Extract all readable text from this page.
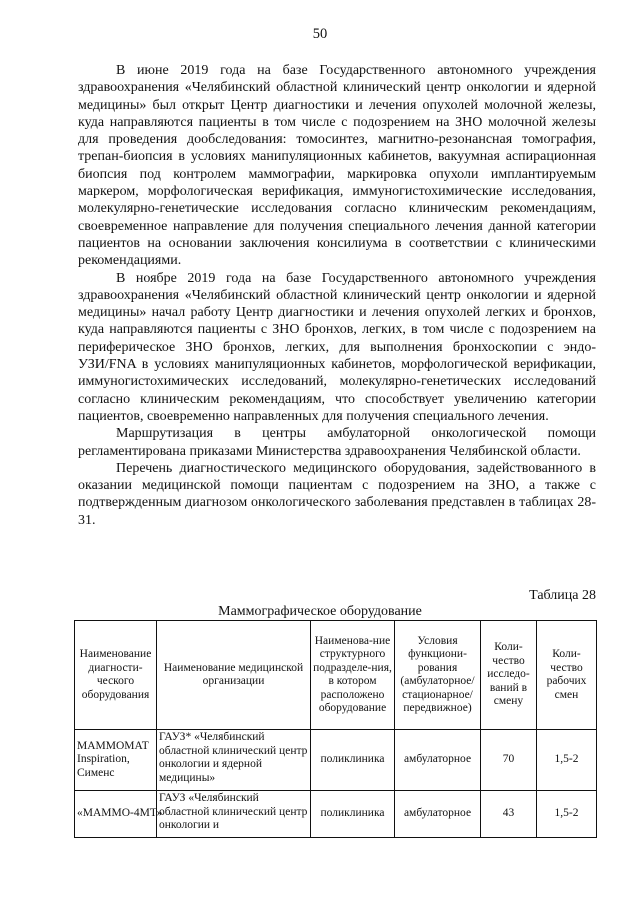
50

В июне 2019 года на базе Государственного автономного учреждения здравоохранения «Челябинский областной клинический центр онкологии и ядерной медицины» был открыт Центр диагностики и лечения опухолей молочной железы, куда направляются пациенты в том числе с подозрением на ЗНО молочной железы для проведения дообследования: томосинтез, магнитно-резонансная томография, трепан-биопсия в условиях манипуляционных кабинетов, вакуумная аспирационная биопсия под контролем маммографии, маркировка опухоли имплантируемым маркером, морфологическая верификация, иммуногистохимические исследования, молекулярно-генетические исследования согласно клиническим рекомендациям, своевременное направление для получения специального лечения данной категории пациентов на основании заключения консилиума в соответствии с клиническими рекомендациями.

В ноябре 2019 года на базе Государственного автономного учреждения здравоохранения «Челябинский областной клинический центр онкологии и ядерной медицины» начал работу Центр диагностики и лечения опухолей легких и бронхов, куда направляются пациенты с ЗНО бронхов, легких, в том числе с подозрением на периферическое ЗНО бронхов, легких, для выполнения бронхоскопии с эндо-УЗИ/FNA в условиях манипуляционных кабинетов, морфологической верификации, иммуногистохимических исследований, молекулярно-генетических исследований согласно клиническим рекомендациям, что способствует увеличению категории пациентов, своевременно направленных для получения специального лечения.

Маршрутизация в центры амбулаторной онкологической помощи регламентирована приказами Министерства здравоохранения Челябинской области.

Перечень диагностического медицинского оборудования, задействованного в оказании медицинской помощи пациентам с подозрением на ЗНО, а также с подтвержденным диагнозом онкологического заболевания представлен в таблицах 28-31.

Таблица 28
Маммографическое оборудование
Наименование диагности-ческого оборудования	Наименование медицинской организации	Наименова-ние структурного подразделе-ния, в котором расположено оборудование	Условия функциони-рования (амбулаторное/ стационарное/ передвижное)	Коли-чество исследо-ваний в смену	Коли-чество рабочих смен
МАММОМАТ Inspiration, Сименс	ГАУЗ* «Челябинский областной клинический центр онкологии и ядерной медицины»	поликлиника	амбулаторное	70	1,5-2
«МАММО-4МТ»	ГАУЗ «Челябинский областной клинический центр онкологии и	поликлиника	амбулаторное	43	1,5-2
